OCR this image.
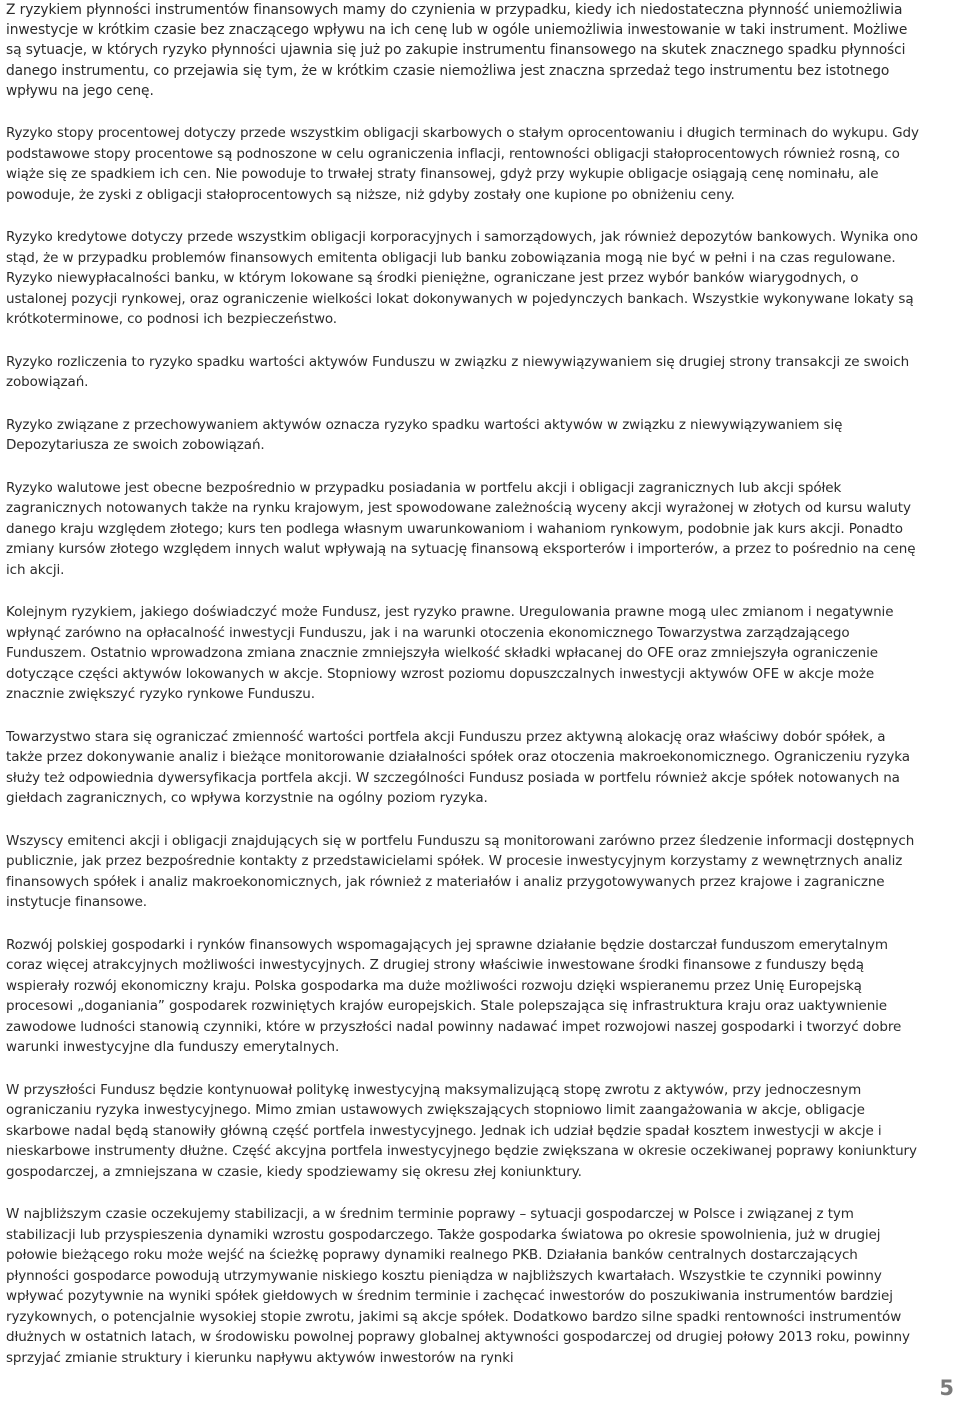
Z ryzykiem płynności instrumentów finansowych mamy do czynienia w przypadku, kiedy ich niedostateczna płynność uniemożliwia inwestycje w krótkim czasie bez znaczącego wpływu na ich cenę lub w ogóle uniemożliwia inwestowanie w taki instrument. Możliwe są sytuacje, w których ryzyko płynności ujawnia się już po zakupie instrumentu finansowego na skutek znacznego spadku płynności danego instrumentu, co przejawia się tym, że w krótkim czasie niemożliwa jest znaczna sprzedaż tego instrumentu bez istotnego wpływu na jego cenę.

Ryzyko stopy procentowej dotyczy przede wszystkim obligacji skarbowych o stałym oprocentowaniu i długich terminach do wykupu. Gdy podstawowe stopy procentowe są podnoszone w celu ograniczenia inflacji, rentowności obligacji stałoprocentowych również rosną, co wiąże się ze spadkiem ich cen. Nie powoduje to trwałej straty finansowej, gdyż przy wykupie obligacje osiągają cenę nominału, ale powoduje, że zyski z obligacji stałoprocentowych są niższe, niż gdyby zostały one kupione po obniżeniu ceny.

Ryzyko kredytowe dotyczy przede wszystkim obligacji korporacyjnych i samorządowych, jak również depozytów bankowych. Wynika ono stąd, że w przypadku problemów finansowych emitenta obligacji lub banku zobowiązania mogą nie być w pełni i na czas regulowane. Ryzyko niewypłacalności banku, w którym lokowane są środki pieniężne, ograniczane jest przez wybór banków wiarygodnych, o ustalonej pozycji rynkowej, oraz ograniczenie wielkości lokat dokonywanych w pojedynczych bankach. Wszystkie wykonywane lokaty są krótkoterminowe, co podnosi ich bezpieczeństwo.

Ryzyko rozliczenia to ryzyko spadku wartości aktywów Funduszu w związku z niewywiązywaniem się drugiej strony transakcji ze swoich zobowiązań.

Ryzyko związane z przechowywaniem aktywów oznacza ryzyko spadku wartości aktywów w związku z niewywiązywaniem się Depozytariusza ze swoich zobowiązań.

Ryzyko walutowe jest obecne bezpośrednio w przypadku posiadania w portfelu akcji i obligacji zagranicznych lub akcji spółek zagranicznych notowanych także na rynku krajowym, jest spowodowane zależnością wyceny akcji wyrażonej w złotych od kursu waluty danego kraju względem złotego; kurs ten podlega własnym uwarunkowaniom i wahaniom rynkowym, podobnie jak kurs akcji. Ponadto zmiany kursów złotego względem innych walut wpływają na sytuację finansową eksporterów i importerów, a przez to pośrednio na cenę ich akcji.

Kolejnym ryzykiem, jakiego doświadczyć może Fundusz, jest ryzyko prawne. Uregulowania prawne mogą ulec zmianom i negatywnie wpłynąć zarówno na opłacalność inwestycji Funduszu, jak i na warunki otoczenia ekonomicznego Towarzystwa zarządzającego Funduszem. Ostatnio wprowadzona zmiana znacznie zmniejszyła wielkość składki wpłacanej do OFE oraz zmniejszyła ograniczenie dotyczące części aktywów lokowanych w akcje. Stopniowy wzrost poziomu dopuszczalnych inwestycji aktywów OFE w akcje może znacznie zwiększyć ryzyko rynkowe Funduszu.

Towarzystwo stara się ograniczać zmienność wartości portfela akcji Funduszu przez aktywną alokację oraz właściwy dobór spółek, a także przez dokonywanie analiz i bieżące monitorowanie działalności spółek oraz otoczenia makroekonomicznego. Ograniczeniu ryzyka służy też odpowiednia dywersyfikacja portfela akcji. W szczególności Fundusz posiada w portfelu również akcje spółek notowanych na giełdach zagranicznych, co wpływa korzystnie na ogólny poziom ryzyka.

Wszyscy emitenci akcji i obligacji znajdujących się w portfelu Funduszu są monitorowani zarówno przez śledzenie informacji dostępnych publicznie, jak przez bezpośrednie kontakty z przedstawicielami spółek. W procesie inwestycyjnym korzystamy z wewnętrznych analiz finansowych spółek i analiz makroekonomicznych, jak również z materiałów i analiz przygotowywanych przez krajowe i zagraniczne instytucje finansowe.

Rozwój polskiej gospodarki i rynków finansowych wspomagających jej sprawne działanie będzie dostarczał funduszom emerytalnym coraz więcej atrakcyjnych możliwości inwestycyjnych. Z drugiej strony właściwie inwestowane środki finansowe z funduszy będą wspierały rozwój ekonomiczny kraju. Polska gospodarka ma duże możliwości rozwoju dzięki wspieranemu przez Unię Europejską procesowi „doganiania” gospodarek rozwiniętych krajów europejskich. Stale polepszająca się infrastruktura kraju oraz uaktywnienie zawodowe ludności stanowią czynniki, które w przyszłości nadal powinny nadawać impet rozwojowi naszej gospodarki i tworzyć dobre warunki inwestycyjne dla funduszy emerytalnych.

W przyszłości Fundusz będzie kontynuował politykę inwestycyjną maksymalizującą stopę zwrotu z aktywów, przy jednoczesnym ograniczaniu ryzyka inwestycyjnego. Mimo zmian ustawowych zwiększających stopniowo limit zaangażowania w akcje, obligacje skarbowe nadal będą stanowiły główną część portfela inwestycyjnego. Jednak ich udział będzie spadał kosztem inwestycji w akcje i nieskarbowe instrumenty dłużne. Część akcyjna portfela inwestycyjnego będzie zwiększana w okresie oczekiwanej poprawy koniunktury gospodarczej, a zmniejszana w czasie, kiedy spodziewamy się okresu złej koniunktury.

W najbliższym czasie oczekujemy stabilizacji, a w średnim terminie poprawy – sytuacji gospodarczej w Polsce i związanej z tym stabilizacji lub przyspieszenia dynamiki wzrostu gospodarczego. Także gospodarka światowa po okresie spowolnienia, już w drugiej połowie bieżącego roku może wejść na ścieżkę poprawy dynamiki realnego PKB. Działania banków centralnych dostarczających płynności gospodarce powodują utrzymywanie niskiego kosztu pieniądza w najbliższych kwartałach. Wszystkie te czynniki powinny wpływać pozytywnie na wyniki spółek giełdowych w średnim terminie i zachęcać inwestorów do poszukiwania instrumentów bardziej ryzykownych, o potencjalnie wysokiej stopie zwrotu, jakimi są akcje spółek. Dodatkowo bardzo silne spadki rentowności instrumentów dłużnych w ostatnich latach, w środowisku powolnej poprawy globalnej aktywności gospodarczej od drugiej połowy 2013 roku, powinny sprzyjać zmianie struktury i kierunku napływu aktywów inwestorów na rynki

5
